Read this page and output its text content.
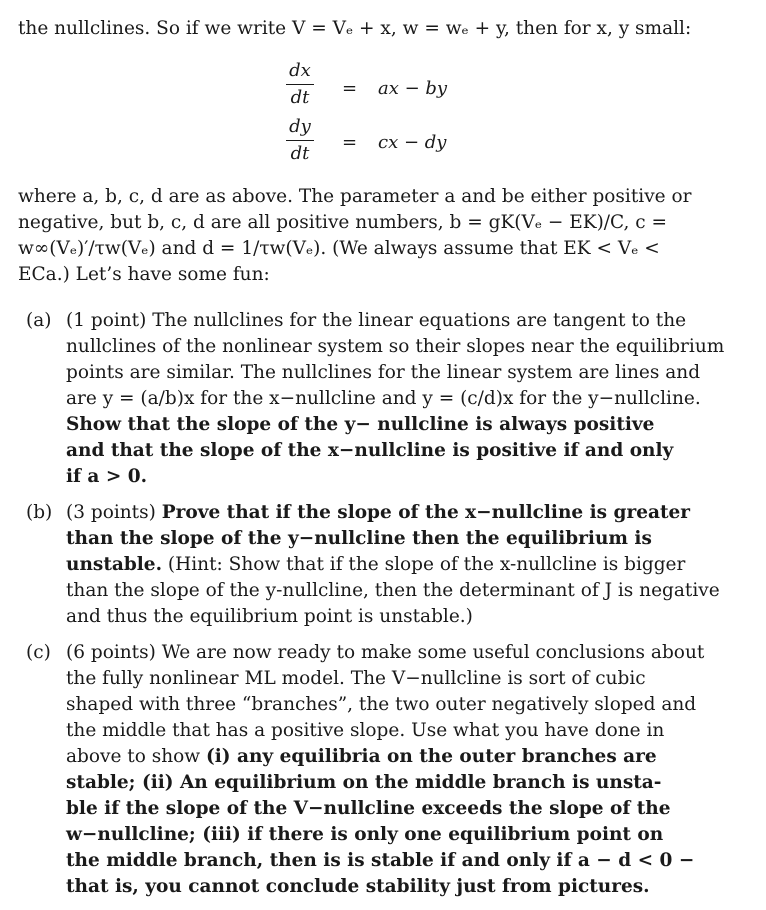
the nullclines. So if we write V = Vₑ + x, w = wₑ + y, then for x, y small:
dx
dt	= ax − by
dy
dt
= cx − dy
where a, b, c, d are as above. The parameter a and be either positive or
negative, but b, c, d are all positive numbers, b = gK(Vₑ − EK)/C, c =
w∞(Vₑ)′/τw(Vₑ) and d = 1/τw(Vₑ). (We always assume that EK < Vₑ <
ECa.) Let’s have some fun:
(a) (1 point) The nullclines for the linear equations are tangent to the
nullclines of the nonlinear system so their slopes near the equilibrium
points are similar. The nullclines for the linear system are lines and
are y = (a/b)x for the x−nullcline and y = (c/d)x for the y−nullcline.
Show that the slope of the y− nullcline is always positive
and that the slope of the x−nullcline is positive if and only
if a > 0.
(b) (3 points) Prove that if the slope of the x−nullcline is greater
than the slope of the y−nullcline then the equilibrium is
unstable. (Hint: Show that if the slope of the x-nullcline is bigger
than the slope of the y-nullcline, then the determinant of J is negative
and thus the equilibrium point is unstable.)
(c) (6 points) We are now ready to make some useful conclusions about
the fully nonlinear ML model. The V−nullcline is sort of cubic
shaped with three “branches”, the two outer negatively sloped and
the middle that has a positive slope. Use what you have done in
above to show (i) any equilibria on the outer branches are
stable; (ii) An equilibrium on the middle branch is unsta-
ble if the slope of the V−nullcline exceeds the slope of the
w−nullcline; (iii) if there is only one equilibrium point on
the middle branch, then is is stable if and only if a − d < 0 −
that is, you cannot conclude stability just from pictures.
